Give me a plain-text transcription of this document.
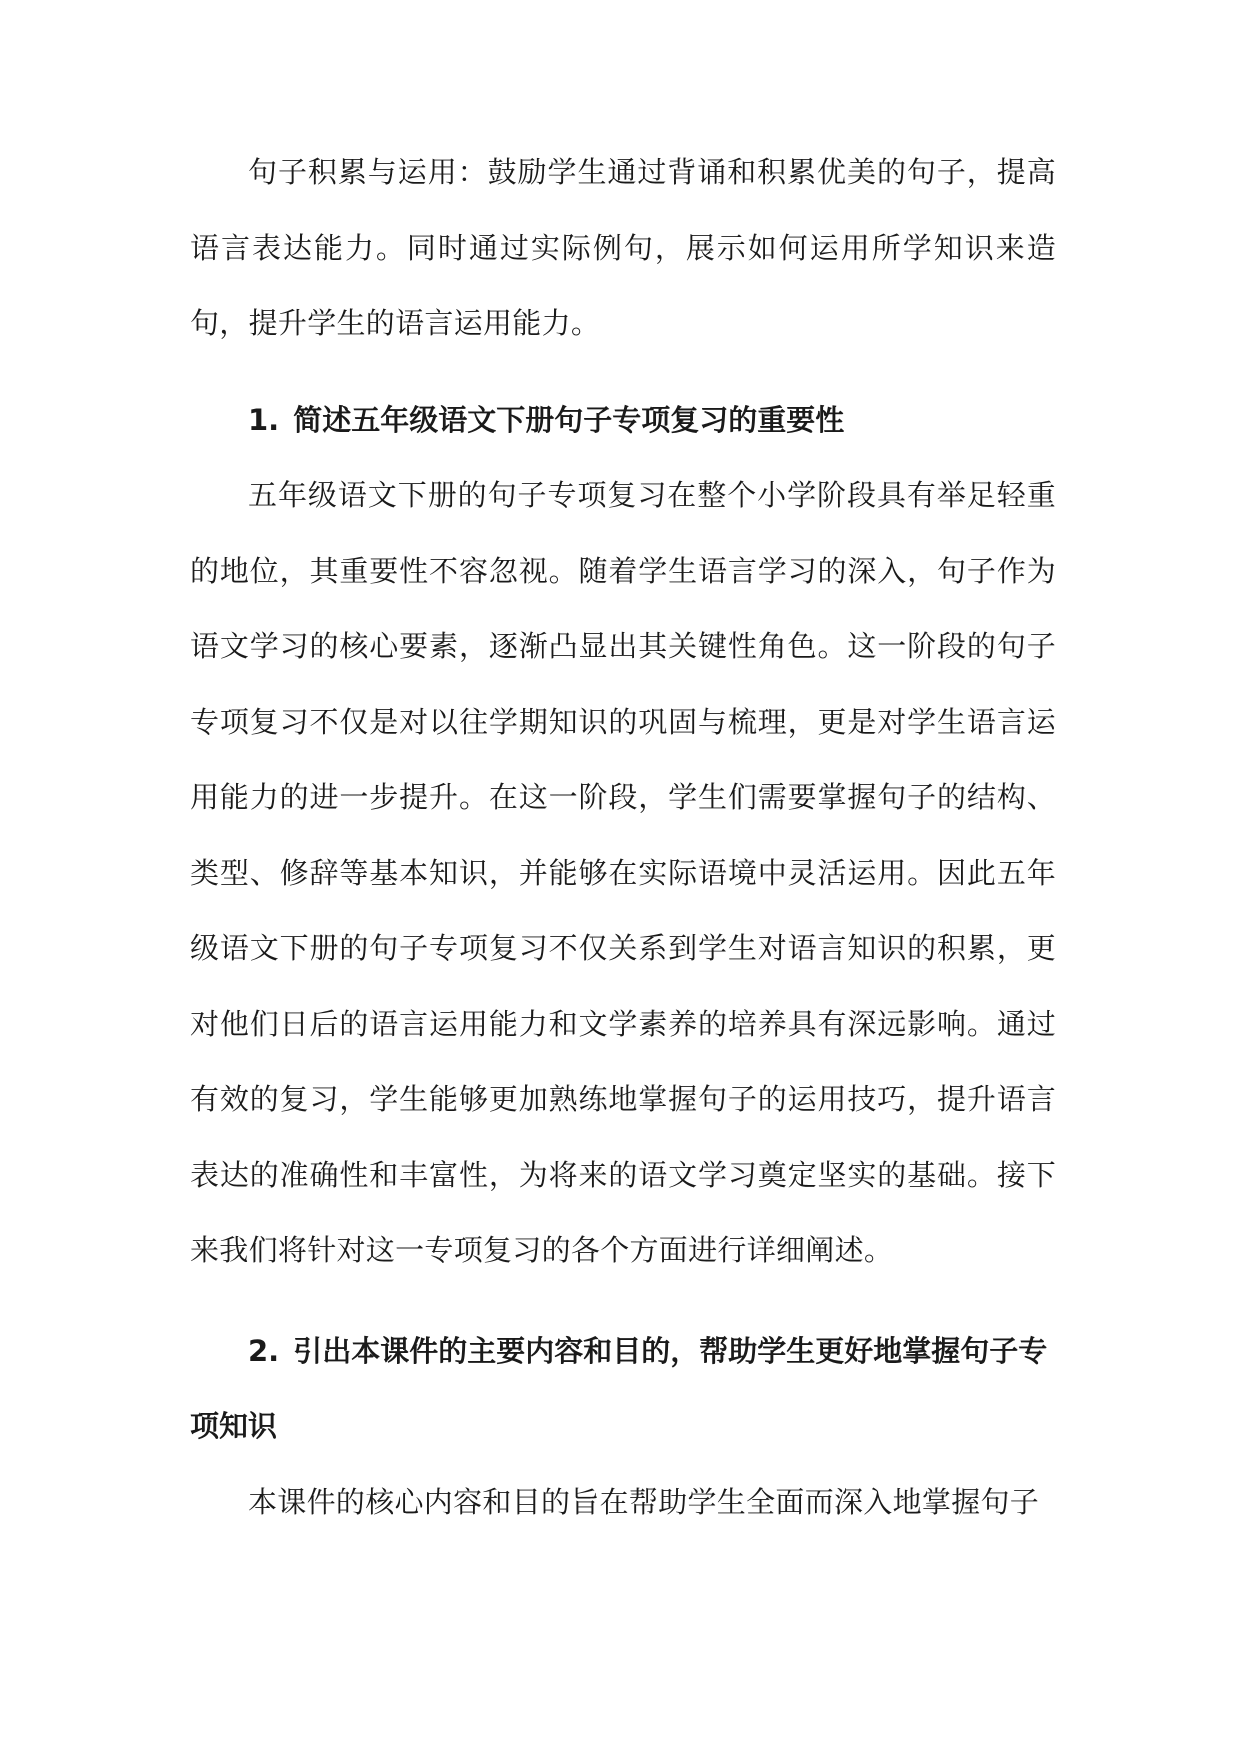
句子积累与运用：鼓励学生通过背诵和积累优美的句子，提高语言表达能力。同时通过实际例句，展示如何运用所学知识来造句，提升学生的语言运用能力。

1. 简述五年级语文下册句子专项复习的重要性

五年级语文下册的句子专项复习在整个小学阶段具有举足轻重的地位，其重要性不容忽视。随着学生语言学习的深入，句子作为语文学习的核心要素，逐渐凸显出其关键性角色。这一阶段的句子专项复习不仅是对以往学期知识的巩固与梳理，更是对学生语言运用能力的进一步提升。在这一阶段，学生们需要掌握句子的结构、类型、修辞等基本知识，并能够在实际语境中灵活运用。因此五年级语文下册的句子专项复习不仅关系到学生对语言知识的积累，更对他们日后的语言运用能力和文学素养的培养具有深远影响。通过有效的复习，学生能够更加熟练地掌握句子的运用技巧，提升语言表达的准确性和丰富性，为将来的语文学习奠定坚实的基础。接下来我们将针对这一专项复习的各个方面进行详细阐述。

2. 引出本课件的主要内容和目的，帮助学生更好地掌握句子专项知识

本课件的核心内容和目的旨在帮助学生全面而深入地掌握句子
